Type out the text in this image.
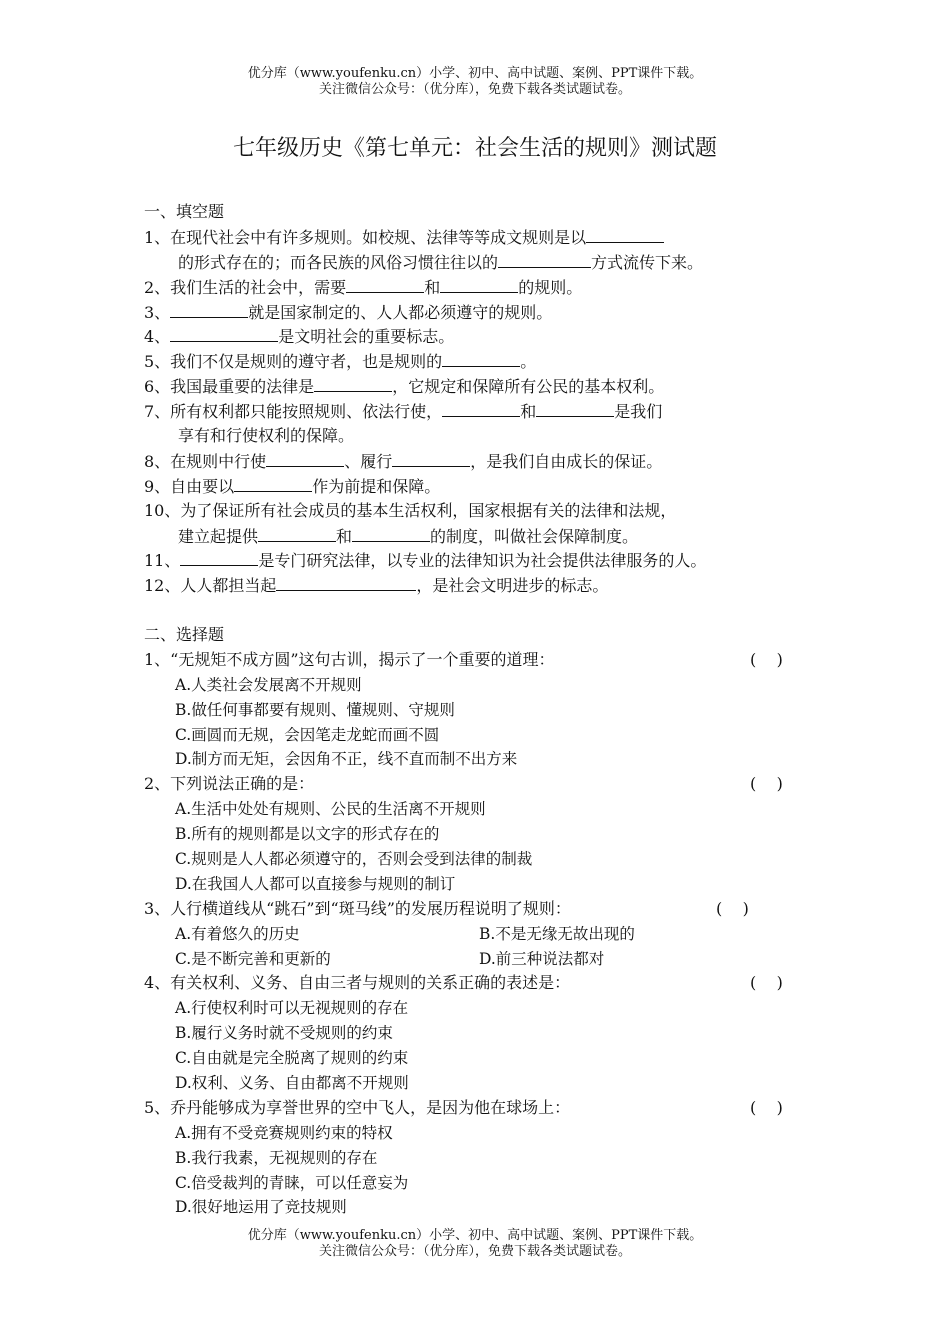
优分库（www.youfenku.cn）小学、初中、高中试题、案例、PPT课件下载。
关注微信公众号：（优分库），免费下载各类试题试卷。
七年级历史《第七单元：社会生活的规则》测试题
一、填空题
1、在现代社会中有许多规则。如校规、法律等等成文规则是以
的形式存在的；而各民族的风俗习惯往往以的	方式流传下来。
2、我们生活的社会中，需要	和	的规则。
3、	就是国家制定的、人人都必须遵守的规则。
4、	是文明社会的重要标志。
5、我们不仅是规则的遵守者，也是规则的	。
6、我国最重要的法律是	，它规定和保障所有公民的基本权利。
7、所有权利都只能按照规则、依法行使，	和	是我们
享有和行使权利的保障。
8、在规则中行使	、履行	，是我们自由成长的保证。
9、自由要以	作为前提和保障。
10、为了保证所有社会成员的基本生活权利，国家根据有关的法律和法规，
建立起提供	和	的制度，叫做社会保障制度。
11、	是专门研究法律，以专业的法律知识为社会提供法律服务的人。
12、人人都担当起	，是社会文明进步的标志。
二、选择题
1、“无规矩不成方圆”这句古训，揭示了一个重要的道理：	(    )
A.人类社会发展离不开规则
B.做任何事都要有规则、懂规则、守规则
C.画圆而无规，会因笔走龙蛇而画不圆
D.制方而无矩，会因角不正，线不直而制不出方来
2、下列说法正确的是：	(    )
A.生活中处处有规则、公民的生活离不开规则
B.所有的规则都是以文字的形式存在的
C.规则是人人都必须遵守的，否则会受到法律的制裁
D.在我国人人都可以直接参与规则的制订
3、人行横道线从“跳石”到“斑马线”的发展历程说明了规则：	(    )
A.有着悠久的历史	B.不是无缘无故出现的
C.是不断完善和更新的	D.前三种说法都对
4、有关权利、义务、自由三者与规则的关系正确的表述是：	(    )
A.行使权利时可以无视规则的存在
B.履行义务时就不受规则的约束
C.自由就是完全脱离了规则的约束
D.权利、义务、自由都离不开规则
5、乔丹能够成为享誉世界的空中飞人，是因为他在球场上：	(    )
A.拥有不受竞赛规则约束的特权
B.我行我素，无视规则的存在
C.倍受裁判的青睐，可以任意妄为
D.很好地运用了竞技规则
优分库（www.youfenku.cn）小学、初中、高中试题、案例、PPT课件下载。
关注微信公众号：（优分库），免费下载各类试题试卷。
